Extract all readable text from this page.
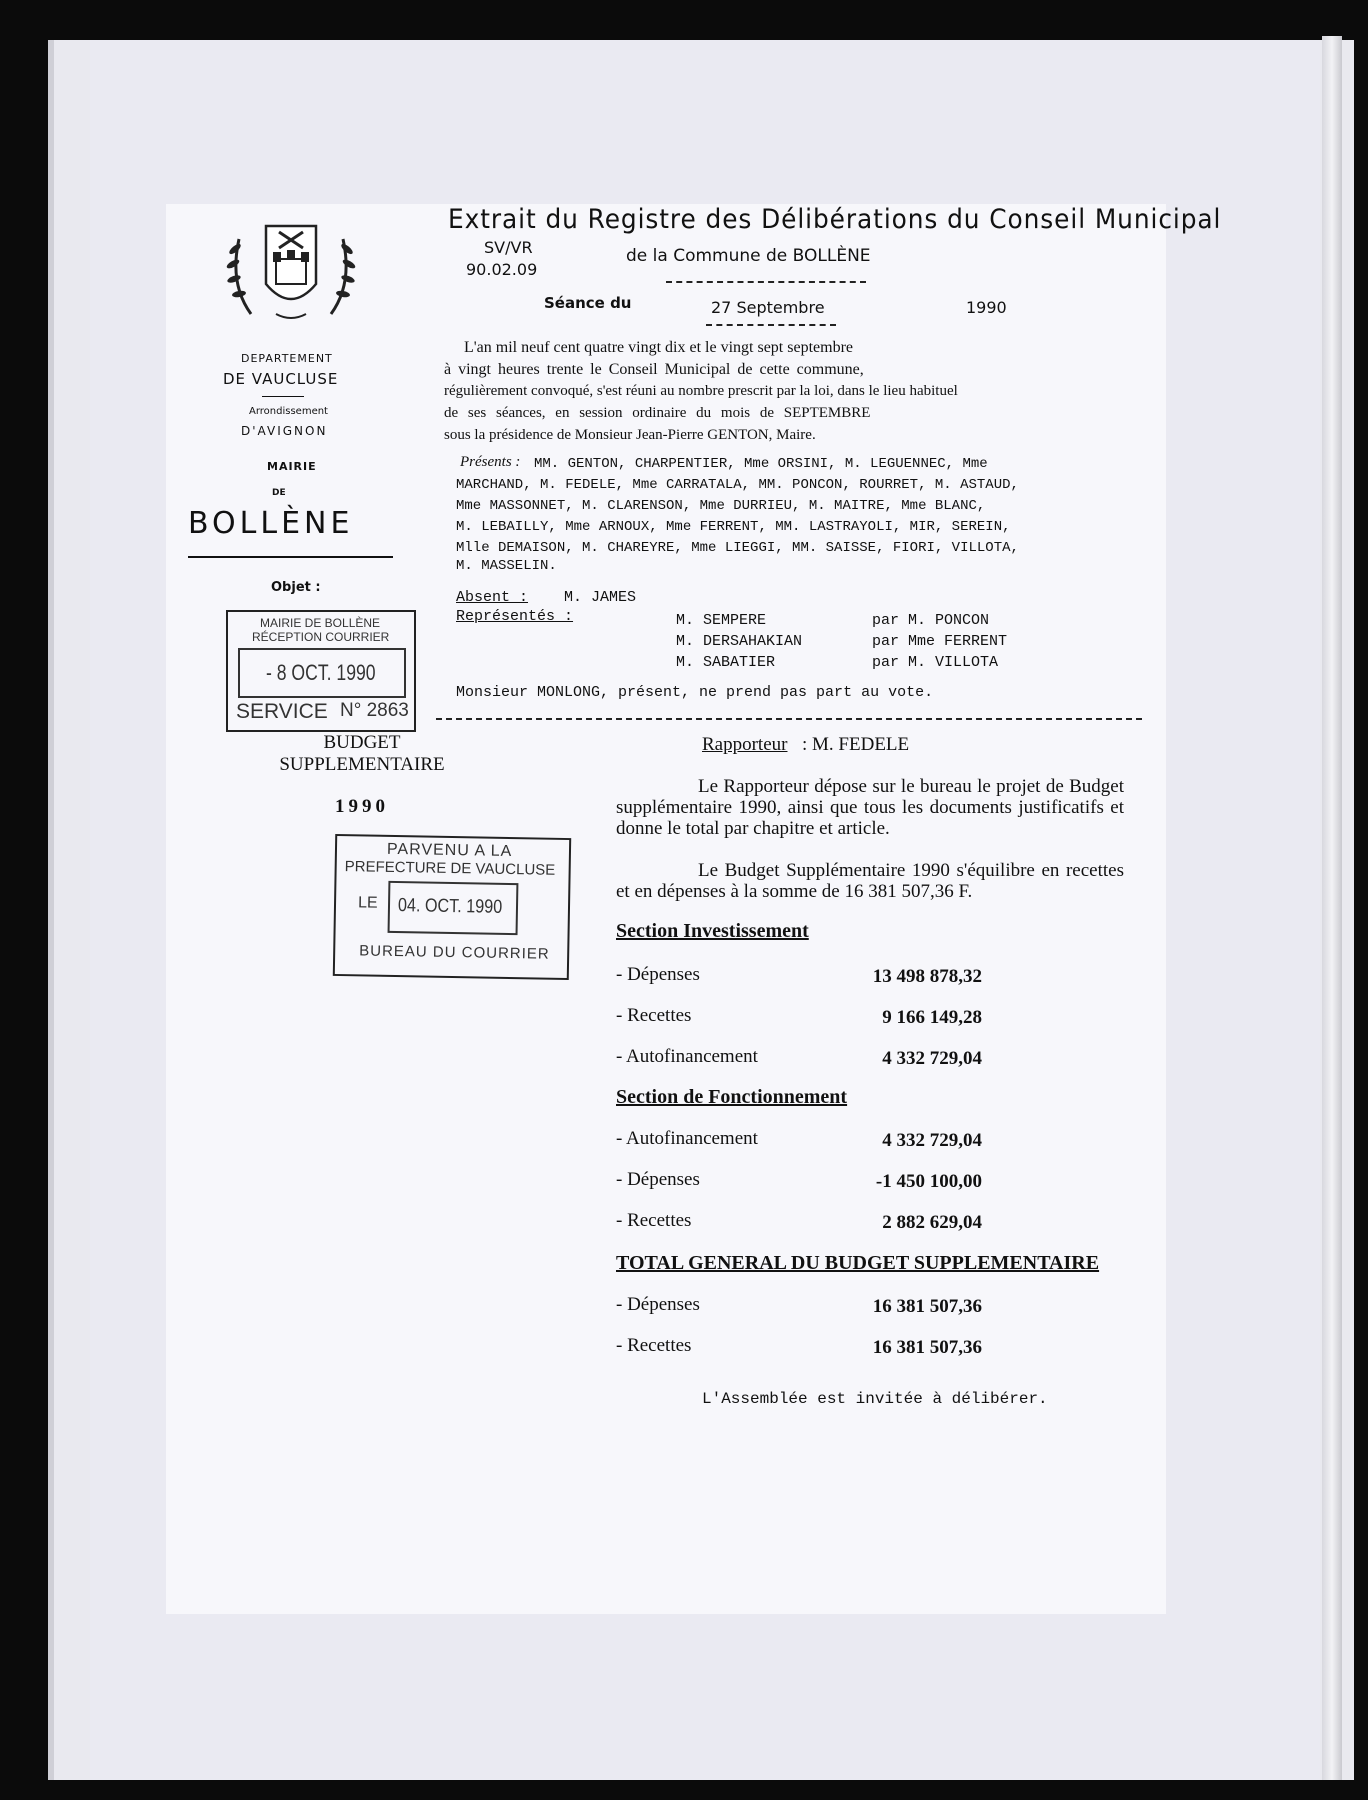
Extrait du Registre des Délibérations du Conseil Municipal
SV/VR
90.02.09
de la Commune de BOLLÈNE
Séance du	27 Septembre	1990
DEPARTEMENT
DE VAUCLUSE
Arrondissement
D'AVIGNON
MAIRIE
DE
BOLLÈNE
Objet :
MAIRIE DE BOLLÈNE
RÉCEPTION COURRIER
- 8 OCT. 1990
SERVICE N° 2863
BUDGET
SUPPLEMENTAIRE
1990
PARVENU A LA
PREFECTURE DE VAUCLUSE
LE 04. OCT. 1990
BUREAU DU COURRIER
L'an mil neuf cent quatre vingt dix et le vingt sept septembre
à vingt heures trente le Conseil Municipal de cette commune,
régulièrement convoqué, s'est réuni au nombre prescrit par la loi, dans le lieu habituel
de ses séances, en session ordinaire du mois de SEPTEMBRE
sous la présidence de Monsieur Jean-Pierre GENTON, Maire.
Présents : MM. GENTON, CHARPENTIER, Mme ORSINI, M. LEGUENNEC, Mme
MARCHAND, M. FEDELE, Mme CARRATALA, MM. PONCON, ROURRET, M. ASTAUD,
Mme MASSONNET, M. CLARENSON, Mme DURRIEU, M. MAITRE, Mme BLANC,
M. LEBAILLY, Mme ARNOUX, Mme FERRENT, MM. LASTRAYOLI, MIR, SEREIN,
Mlle DEMAISON, M. CHAREYRE, Mme LIEGGI, MM. SAISSE, FIORI, VILLOTA,
M. MASSELIN.
Absent : M. JAMES
Représentés :	M. SEMPERE	par M. PONCON
M. DERSAHAKIAN	par Mme FERRENT
M. SABATIER	par M. VILLOTA
Monsieur MONLONG, présent, ne prend pas part au vote.
Rapporteur : M. FEDELE
Le Rapporteur dépose sur le bureau le projet de Budget supplémentaire 1990, ainsi que tous les documents justificatifs et donne le total par chapitre et article.
Le Budget Supplémentaire 1990 s'équilibre en recettes et en dépenses à la somme de 16 381 507,36 F.
Section Investissement
- Dépenses	13 498 878,32
- Recettes	9 166 149,28
- Autofinancement	4 332 729,04
Section de Fonctionnement
- Autofinancement	4 332 729,04
- Dépenses	-1 450 100,00
- Recettes	2 882 629,04
TOTAL GENERAL DU BUDGET SUPPLEMENTAIRE
- Dépenses	16 381 507,36
- Recettes	16 381 507,36
L'Assemblée est invitée à délibérer.
